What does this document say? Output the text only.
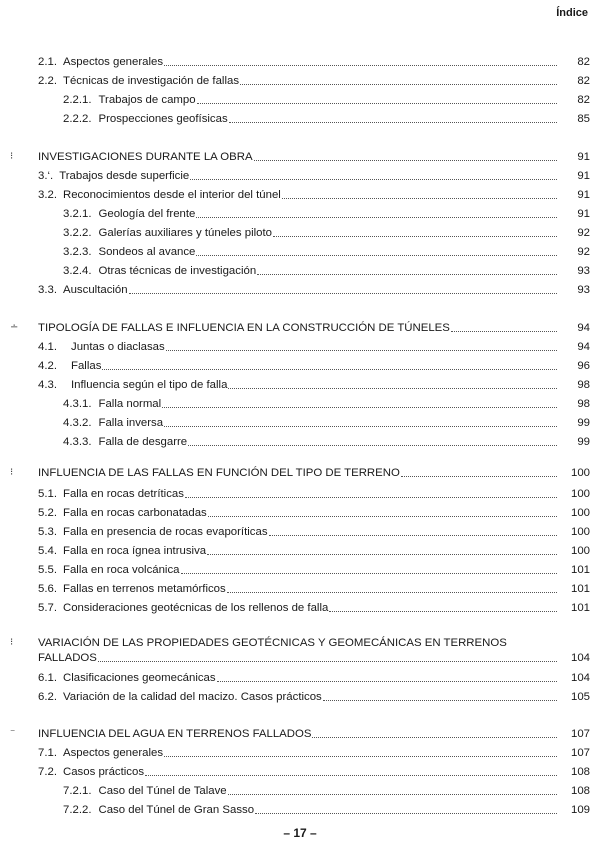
Índice
2.1. Aspectos generales	82
2.2. Técnicas de investigación de fallas	82
2.2.1. Trabajos de campo	82
2.2.2. Prospecciones geofísicas	85
⁝ INVESTIGACIONES DURANTE LA OBRA	91
3.‘. Trabajos desde superficie	91
3.2. Reconocimientos desde el interior del túnel	91
3.2.1. Geología del frente	91
3.2.2. Galerías auxiliares y túneles piloto	92
3.2.3. Sondeos al avance	92
3.2.4. Otras técnicas de investigación	93
3.3. Auscultación	93
∸ TIPOLOGÍA DE FALLAS E INFLUENCIA EN LA CONSTRUCCIÓN DE TÚNELES	94
4.1. Juntas o diaclasas	94
4.2. Fallas	96
4.3. Influencia según el tipo de falla	98
4.3.1. Falla normal	98
4.3.2. Falla inversa	99
4.3.3. Falla de desgarre	99
⁝ INFLUENCIA DE LAS FALLAS EN FUNCIÓN DEL TIPO DE TERRENO	100
5.1. Falla en rocas detríticas	100
5.2. Falla en rocas carbonatadas	100
5.3. Falla en presencia de rocas evaporíticas	100
5.4. Falla en roca ígnea intrusiva	100
5.5. Falla en roca volcánica	101
5.6. Fallas en terrenos metamórficos	101
5.7. Consideraciones geotécnicas de los rellenos de falla	101
⁝ VARIACIÓN DE LAS PROPIEDADES GEOTÉCNICAS Y GEOMECÁNICAS EN TERRENOS
FALLADOS	104
6.1. Clasificaciones geomecánicas	104
6.2. Variación de la calidad del macizo. Casos prácticos	105
⁻ INFLUENCIA DEL AGUA EN TERRENOS FALLADOS	107
7.1. Aspectos generales	107
7.2. Casos prácticos	108
7.2.1. Caso del Túnel de Talave	108
7.2.2. Caso del Túnel de Gran Sasso	109
– 17 –
